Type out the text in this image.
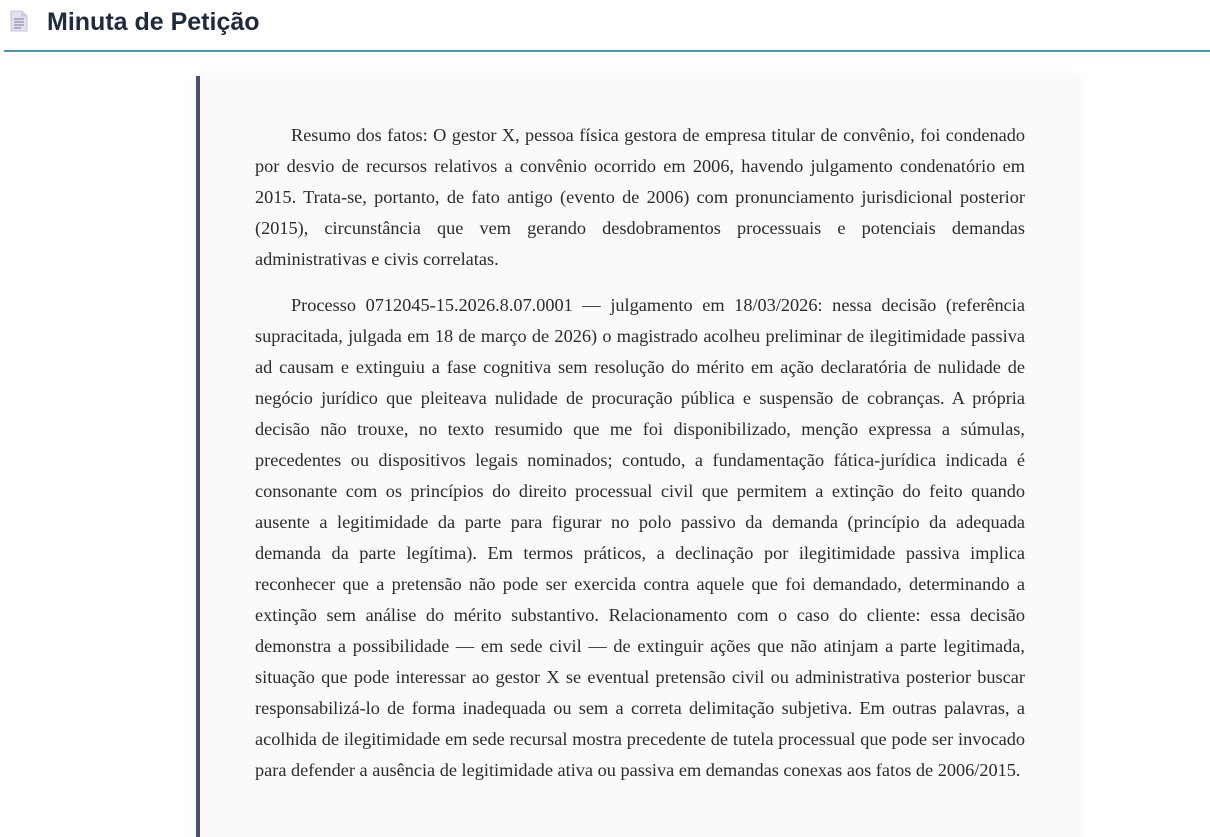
Minuta de Petição

Resumo dos fatos: O gestor X, pessoa física gestora de empresa titular de convênio, foi condenado por desvio de recursos relativos a convênio ocorrido em 2006, havendo julgamento condenatório em 2015. Trata-se, portanto, de fato antigo (evento de 2006) com pronunciamento jurisdicional posterior (2015), circunstância que vem gerando desdobramentos processuais e potenciais demandas administrativas e civis correlatas.

Processo 0712045-15.2026.8.07.0001 — julgamento em 18/03/2026: nessa decisão (referência supracitada, julgada em 18 de março de 2026) o magistrado acolheu preliminar de ilegitimidade passiva ad causam e extinguiu a fase cognitiva sem resolução do mérito em ação declaratória de nulidade de negócio jurídico que pleiteava nulidade de procuração pública e suspensão de cobranças. A própria decisão não trouxe, no texto resumido que me foi disponibilizado, menção expressa a súmulas, precedentes ou dispositivos legais nominados; contudo, a fundamentação fática-jurídica indicada é consonante com os princípios do direito processual civil que permitem a extinção do feito quando ausente a legitimidade da parte para figurar no polo passivo da demanda (princípio da adequada demanda da parte legítima). Em termos práticos, a declinação por ilegitimidade passiva implica reconhecer que a pretensão não pode ser exercida contra aquele que foi demandado, determinando a extinção sem análise do mérito substantivo. Relacionamento com o caso do cliente: essa decisão demonstra a possibilidade — em sede civil — de extinguir ações que não atinjam a parte legitimada, situação que pode interessar ao gestor X se eventual pretensão civil ou administrativa posterior buscar responsabilizá-lo de forma inadequada ou sem a correta delimitação subjetiva. Em outras palavras, a acolhida de ilegitimidade em sede recursal mostra precedente de tutela processual que pode ser invocado para defender a ausência de legitimidade ativa ou passiva em demandas conexas aos fatos de 2006/2015.
